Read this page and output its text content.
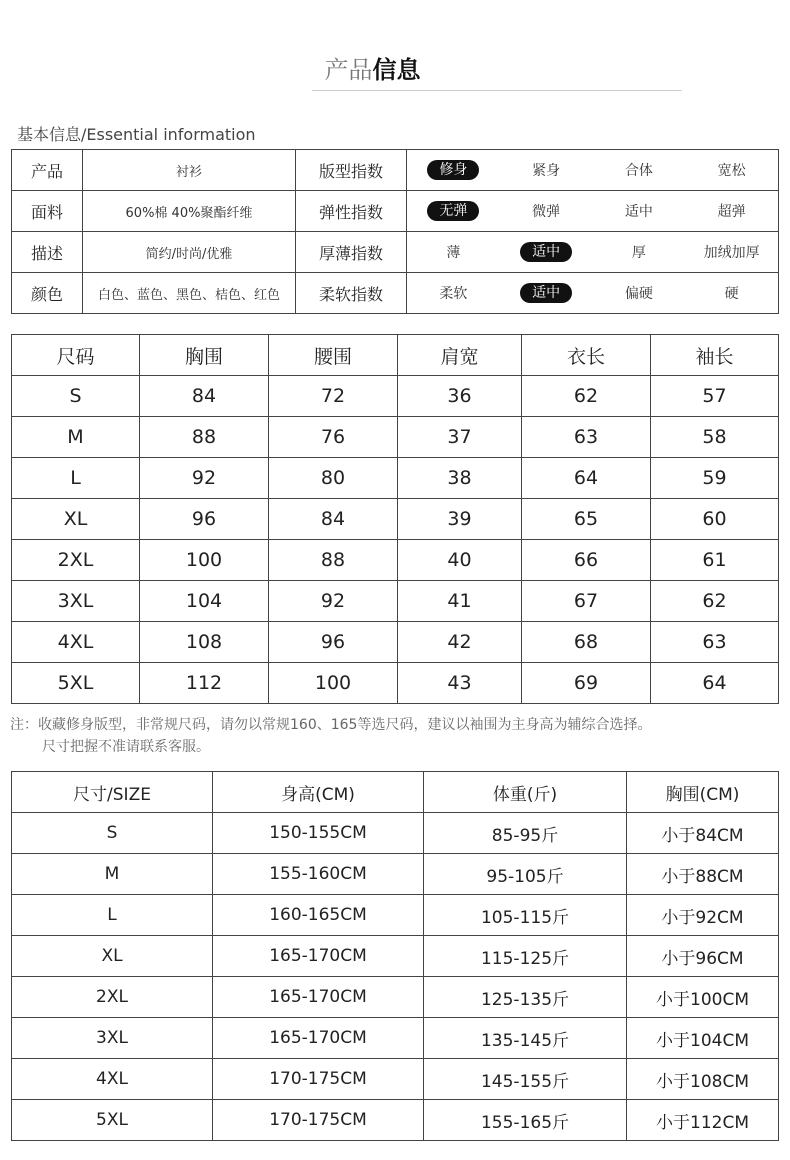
产品信息
基本信息/Essential information
产品	衬衫	版型指数	修身 紧身 合体 宽松

面料	60%棉 40%聚酯纤维	弹性指数	无弹 微弹 适中 超弹

描述	简约/时尚/优雅	厚薄指数	薄 适中 厚 加绒加厚

颜色	白色、蓝色、黑色、桔色、红色	柔软指数	柔软 适中 偏硬 硬
尺码	胸围	腰围	肩宽	衣长	袖长
S	84	72	36	62	57
M	88	76	37	63	58
L	92	80	38	64	59
XL	96	84	39	65	60
2XL	100	88	40	66	61
3XL	104	92	41	67	62
4XL	108	96	42	68	63
5XL	112	100	43	69	64
注：收藏修身版型，非常规尺码，请勿以常规160、165等选尺码，建议以袖围为主身高为辅综合选择。
尺寸把握不准请联系客服。
尺寸/SIZE	身高(CM)	体重(斤)	胸围(CM)
S	150-155CM	85-95斤	小于84CM
M	155-160CM	95-105斤	小于88CM
L	160-165CM	105-115斤	小于92CM
XL	165-170CM	115-125斤	小于96CM
2XL	165-170CM	125-135斤	小于100CM
3XL	165-170CM	135-145斤	小于104CM
4XL	170-175CM	145-155斤	小于108CM
5XL	170-175CM	155-165斤	小于112CM
